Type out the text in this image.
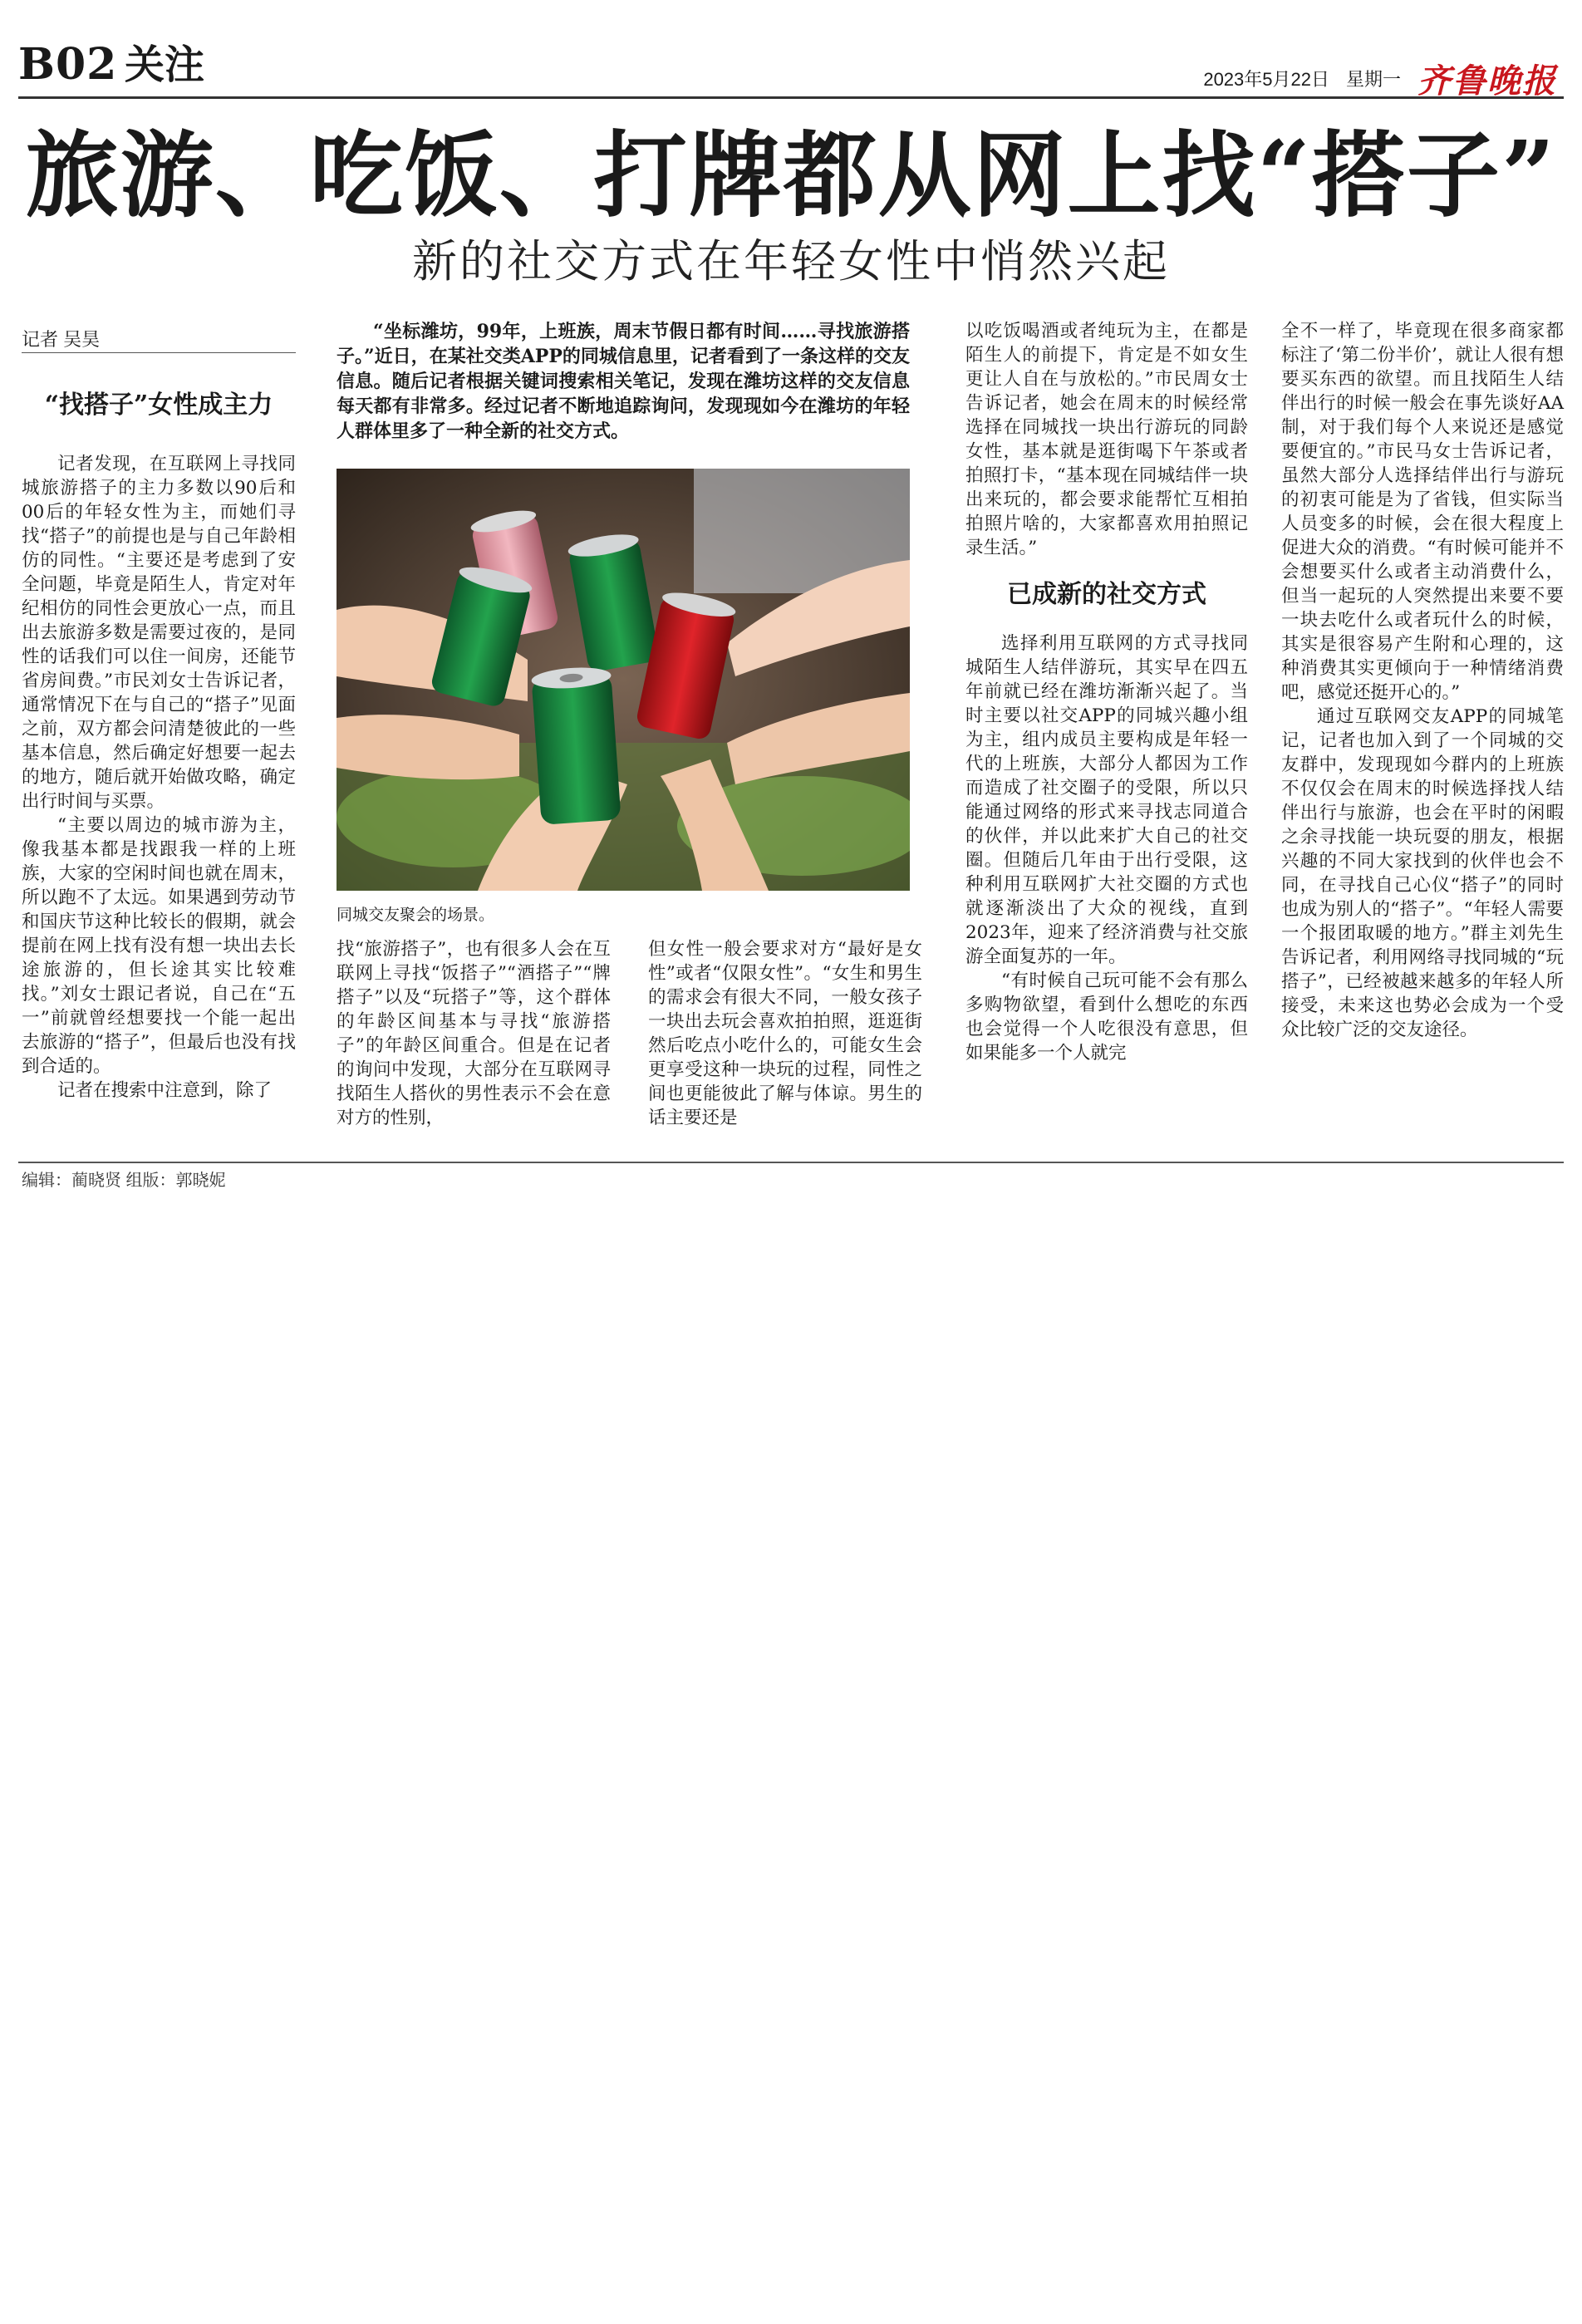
B02 关注	2023年5月22日 星期一 齐鲁晚报
旅游、吃饭、打牌都从网上找“搭子”
新的社交方式在年轻女性中悄然兴起
记者 吴昊
“找搭子”女性成主力

记者发现，在互联网上寻找同城旅游搭子的主力多数以90后和00后的年轻女性为主，而她们寻找“搭子”的前提也是与自己年龄相仿的同性。“主要还是考虑到了安全问题，毕竟是陌生人，肯定对年纪相仿的同性会更放心一点，而且出去旅游多数是需要过夜的，是同性的话我们可以住一间房，还能节省房间费。”市民刘女士告诉记者，通常情况下在与自己的“搭子”见面之前，双方都会问清楚彼此的一些基本信息，然后确定好想要一起去的地方，随后就开始做攻略，确定出行时间与买票。

“主要以周边的城市游为主，像我基本都是找跟我一样的上班族，大家的空闲时间也就在周末，所以跑不了太远。如果遇到劳动节和国庆节这种比较长的假期，就会提前在网上找有没有想一块出去长途旅游的，但长途其实比较难找。”刘女士跟记者说，自己在“五一”前就曾经想要找一个能一起出去旅游的“搭子”，但最后也没有找到合适的。

记者在搜索中注意到，除了

“坐标潍坊，99年，上班族，周末节假日都有时间……寻找旅游搭子。”近日，在某社交类APP的同城信息里，记者看到了一条这样的交友信息。随后记者根据关键词搜索相关笔记，发现在潍坊这样的交友信息每天都有非常多。经过记者不断地追踪询问，发现现如今在潍坊的年轻人群体里多了一种全新的社交方式。

同城交友聚会的场景。

找“旅游搭子”，也有很多人会在互联网上寻找“饭搭子”“酒搭子”“牌搭子”以及“玩搭子”等，这个群体的年龄区间基本与寻找“旅游搭子”的年龄区间重合。但是在记者的询问中发现，大部分在互联网寻找陌生人搭伙的男性表示不会在意对方的性别，

但女性一般会要求对方“最好是女性”或者“仅限女性”。“女生和男生的需求会有很大不同，一般女孩子一块出去玩会喜欢拍拍照，逛逛街然后吃点小吃什么的，可能女生会更享受这种一块玩的过程，同性之间也更能彼此了解与体谅。男生的话主要还是

以吃饭喝酒或者纯玩为主，在都是陌生人的前提下，肯定是不如女生更让人自在与放松的。”市民周女士告诉记者，她会在周末的时候经常选择在同城找一块出行游玩的同龄女性，基本就是逛街喝下午茶或者拍照打卡，“基本现在同城结伴一块出来玩的，都会要求能帮忙互相拍拍照片啥的，大家都喜欢用拍照记录生活。”

已成新的社交方式

选择利用互联网的方式寻找同城陌生人结伴游玩，其实早在四五年前就已经在潍坊渐渐兴起了。当时主要以社交APP的同城兴趣小组为主，组内成员主要构成是年轻一代的上班族，大部分人都因为工作而造成了社交圈子的受限，所以只能通过网络的形式来寻找志同道合的伙伴，并以此来扩大自己的社交圈。但随后几年由于出行受限，这种利用互联网扩大社交圈的方式也就逐渐淡出了大众的视线，直到2023年，迎来了经济消费与社交旅游全面复苏的一年。

“有时候自己玩可能不会有那么多购物欲望，看到什么想吃的东西也会觉得一个人吃很没有意思，但如果能多一个人就完

全不一样了，毕竟现在很多商家都标注了‘第二份半价’，就让人很有想要买东西的欲望。而且找陌生人结伴出行的时候一般会在事先谈好AA制，对于我们每个人来说还是感觉要便宜的。”市民马女士告诉记者，虽然大部分人选择结伴出行与游玩的初衷可能是为了省钱，但实际当人员变多的时候，会在很大程度上促进大众的消费。“有时候可能并不会想要买什么或者主动消费什么，但当一起玩的人突然提出来要不要一块去吃什么或者玩什么的时候，其实是很容易产生附和心理的，这种消费其实更倾向于一种情绪消费吧，感觉还挺开心的。”

通过互联网交友APP的同城笔记，记者也加入到了一个同城的交友群中，发现现如今群内的上班族不仅仅会在周末的时候选择找人结伴出行与旅游，也会在平时的闲暇之余寻找能一块玩耍的朋友，根据兴趣的不同大家找到的伙伴也会不同，在寻找自己心仪“搭子”的同时也成为别人的“搭子”。“年轻人需要一个报团取暖的地方。”群主刘先生告诉记者，利用网络寻找同城的“玩搭子”，已经被越来越多的年轻人所接受，未来这也势必会成为一个受众比较广泛的交友途径。

编辑：蔺晓贤 组版：郭晓妮
